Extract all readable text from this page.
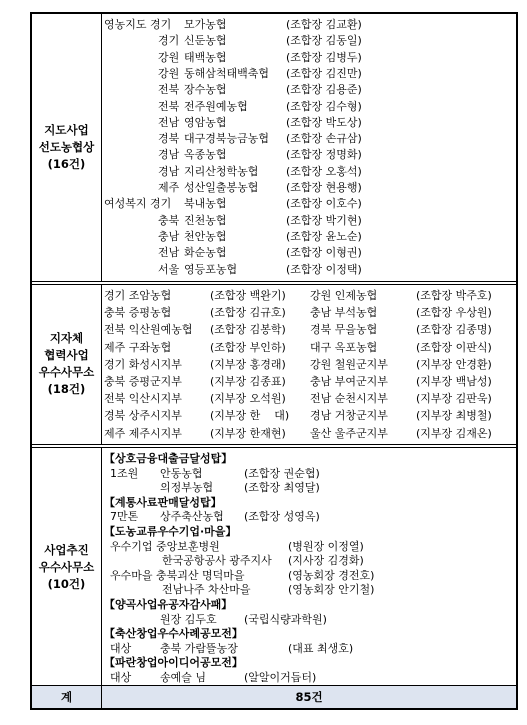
지도사업
선도농협상
(16건)
영농지도 경기 모가농협	(조합장 김교환)
경기 신둔농협	(조합장 김동일)
강원 태백농협	(조합장 김병두)
강원 동해삼척태백축협 (조합장 김진만)
전북 장수농협	(조합장 김용준)
전북 전주원예농협	(조합장 김수형)
전남 영암농협	(조합장 박도상)
경북 대구경북능금농협 (조합장 손규삼)
경남 옥종농협	(조합장 정명화)
경남 지리산청학농협	(조합장 오홍석)
제주 성산일출봉농협	(조합장 현용행)
여성복지 경기 북내농협	(조합장 이호수)
충북 진천농협	(조합장 박기현)
충남 천안농협	(조합장 윤노순)
전남 화순농협	(조합장 이형권)
서울 영등포농협	(조합장 이정택)
지자체
협력사업
우수사무소
(18건)
경기 조암농협	(조합장 백완기) 강원 인제농협	(조합장 박주호)
충북 증평농협	(조합장 김규호) 충남 부석농협	(조합장 우상원)
전북 익산원예농협 (조합장 김봉학) 경북 무을농협	(조합장 김종명)
제주 구좌농협	(조합장 부인하) 대구 옥포농협	(조합장 이판식)
경기 화성시지부	(지부장 홍경래) 강원 철원군지부	(지부장 안경환)
충북 증평군지부	(지부장 김종표) 충남 부여군지부	(지부장 백남성)
전북 익산시지부	(지부장 오석원) 전남 순천시지부	(지부장 김판욱)
경북 상주시지부	(지부장 한    대) 경남 거창군지부	(지부장 최병철)
제주 제주시지부	(지부장 한재현) 울산 울주군지부	(지부장 김재온)
사업추진
우수사무소
(10건)
【상호금융대출금달성탑】
1조원 안동농협	(조합장 권순협)
의정부농협	(조합장 최영달)
【계통사료판매달성탑】
7만톤 상주축산농협 (조합장 성영옥)
【도농교류우수기업·마을】
우수기업 중앙보훈병원	(병원장 이정열)
한국공항공사 광주지사 (지사장 김경화)
우수마을 충북괴산 명덕마을	(영농회장 경전호)
전남나주 차산마을	(영농회장 안기철)
【양곡사업유공자감사패】
원장 김두호 (국립식량과학원)
【축산창업우수사례공모전】
대상	충북 가람뜰농장	(대표 최생호)
【파란창업아이디어공모전】
대상	송예슬 님	(알알이거듭터)
계	85건
